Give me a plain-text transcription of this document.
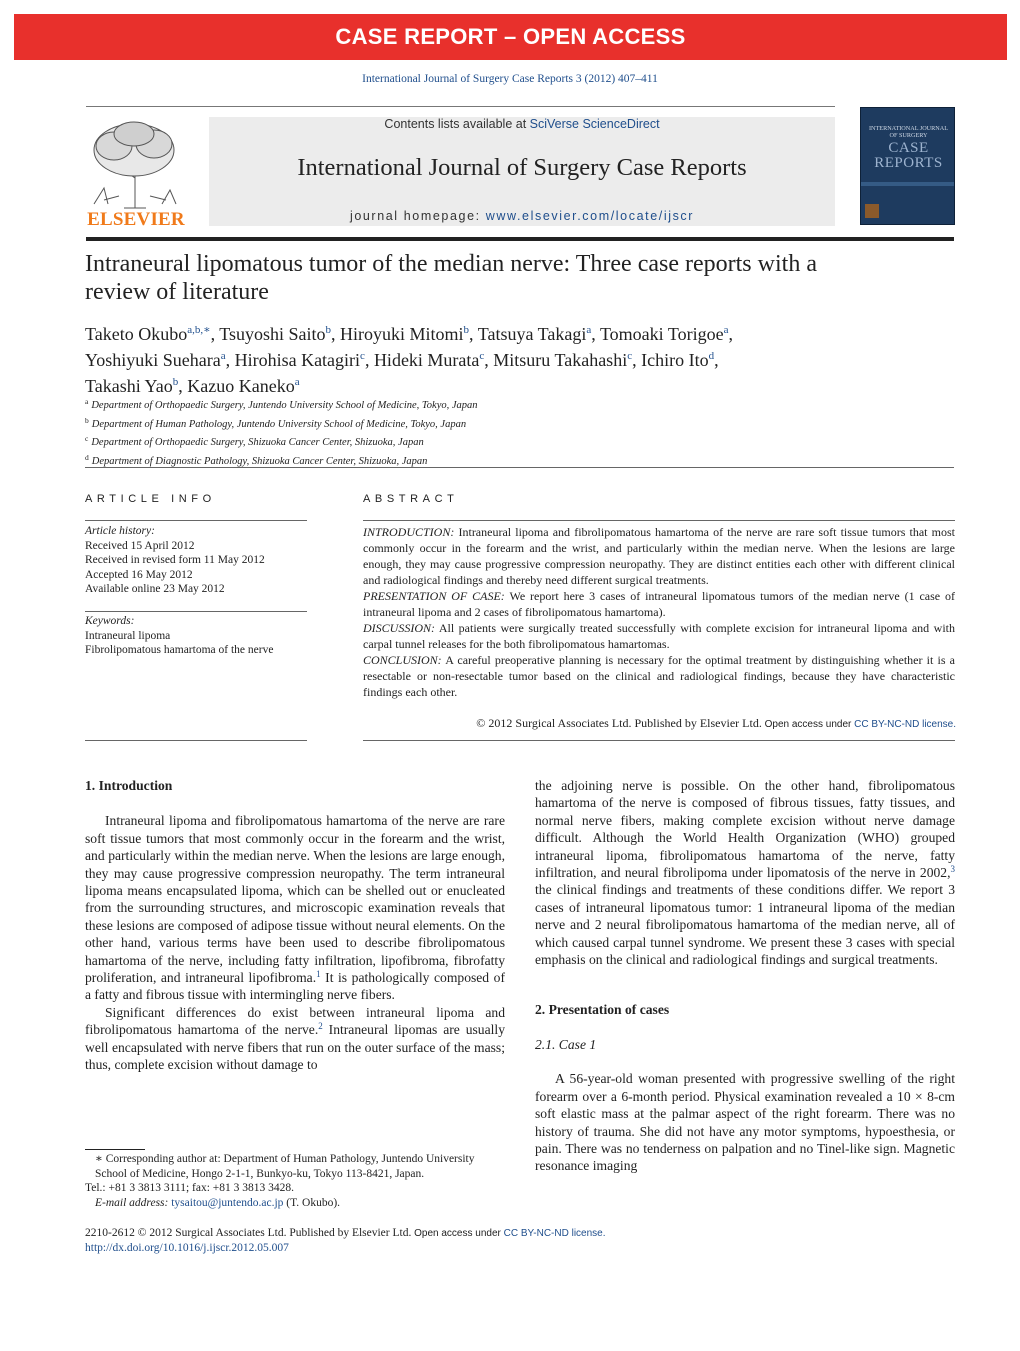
CASE REPORT – OPEN ACCESS
International Journal of Surgery Case Reports 3 (2012) 407–411
ELSEVIER
Contents lists available at SciVerse ScienceDirect
International Journal of Surgery Case Reports
journal homepage: www.elsevier.com/locate/ijscr
INTERNATIONAL JOURNAL OF SURGERY
CASE REPORTS
Intraneural lipomatous tumor of the median nerve: Three case reports with a
review of literature
Taketo Okubo$^{a,b,∗}$, Tsuyoshi Saito$^b$, Hiroyuki Mitomi$^b$, Tatsuya Takagi$^a$, Tomoaki Torigoe$^a$,
Yoshiyuki Suehara$^a$, Hirohisa Katagiri$^c$, Hideki Murata$^c$, Mitsuru Takahashi$^c$, Ichiro Ito$^d$,
Takashi Yao$^b$, Kazuo Kaneko$^a$
$^a$ Department of Orthopaedic Surgery, Juntendo University School of Medicine, Tokyo, Japan
$^b$ Department of Human Pathology, Juntendo University School of Medicine, Tokyo, Japan
$^c$ Department of Orthopaedic Surgery, Shizuoka Cancer Center, Shizuoka, Japan
$^d$ Department of Diagnostic Pathology, Shizuoka Cancer Center, Shizuoka, Japan
ARTICLE INFO
Article history:
Received 15 April 2012
Received in revised form 11 May 2012
Accepted 16 May 2012
Available online 23 May 2012
Keywords:
Intraneural lipoma
Fibrolipomatous hamartoma of the nerve
ABSTRACT

INTRODUCTION: Intraneural lipoma and fibrolipomatous hamartoma of the nerve are rare soft tissue tumors that most commonly occur in the forearm and the wrist, and particularly within the median nerve. When the lesions are large enough, they may cause progressive compression neuropathy. They are distinct entities each other with different clinical and radiological findings and thereby need different surgical treatments.

PRESENTATION OF CASE: We report here 3 cases of intraneural lipomatous tumors of the median nerve (1 case of intraneural lipoma and 2 cases of fibrolipomatous hamartoma).

DISCUSSION: All patients were surgically treated successfully with complete excision for intraneural lipoma and with carpal tunnel releases for the both fibrolipomatous hamartomas.

CONCLUSION: A careful preoperative planning is necessary for the optimal treatment by distinguishing whether it is a resectable or non-resectable tumor based on the clinical and radiological findings, because they have characteristic findings each other.

© 2012 Surgical Associates Ltd. Published by Elsevier Ltd. Open access under CC BY-NC-ND license.
1. Introduction

Intraneural lipoma and fibrolipomatous hamartoma of the nerve are rare soft tissue tumors that most commonly occur in the forearm and the wrist, and particularly within the median nerve. When the lesions are large enough, they may cause progressive compression neuropathy. The term intraneural lipoma means encapsulated lipoma, which can be shelled out or enucleated from the surrounding structures, and microscopic examination reveals that these lesions are composed of adipose tissue without neural elements. On the other hand, various terms have been used to describe fibrolipomatous hamartoma of the nerve, including fatty infiltration, lipofibroma, fibrofatty proliferation, and intraneural lipofibroma.$^1$ It is pathologically composed of a fatty and fibrous tissue with intermingling nerve fibers.

Significant differences do exist between intraneural lipoma and fibrolipomatous hamartoma of the nerve.$^2$ Intraneural lipomas are usually well encapsulated with nerve fibers that run on the outer surface of the mass; thus, complete excision without damage to

the adjoining nerve is possible. On the other hand, fibrolipomatous hamartoma of the nerve is composed of fibrous tissues, fatty tissues, and normal nerve fibers, making complete excision without nerve damage difficult. Although the World Health Organization (WHO) grouped intraneural lipoma, fibrolipomatous hamartoma of the nerve, fatty infiltration, and neural fibrolipoma under lipomatosis of the nerve in 2002,$^3$ the clinical findings and treatments of these conditions differ. We report 3 cases of intraneural lipomatous tumor: 1 intraneural lipoma of the median nerve and 2 neural fibrolipomatous hamartoma of the median nerve, all of which caused carpal tunnel syndrome. We present these 3 cases with special emphasis on the clinical and radiological findings and surgical treatments.

2. Presentation of cases
2.1. Case 1

A 56-year-old woman presented with progressive swelling of the right forearm over a 6-month period. Physical examination revealed a 10 × 8-cm soft elastic mass at the palmar aspect of the right forearm. There was no history of trauma. She did not have any motor symptoms, hypoesthesia, or pain. There was no tenderness on palpation and no Tinel-like sign. Magnetic resonance imaging

∗ Corresponding author at: Department of Human Pathology, Juntendo University School of Medicine, Hongo 2-1-1, Bunkyo-ku, Tokyo 113-8421, Japan.
Tel.: +81 3 3813 3111; fax: +81 3 3813 3428.
E-mail address: tysaitou@juntendo.ac.jp (T. Okubo).
2210-2612 © 2012 Surgical Associates Ltd. Published by Elsevier Ltd. Open access under CC BY-NC-ND license.
http://dx.doi.org/10.1016/j.ijscr.2012.05.007
